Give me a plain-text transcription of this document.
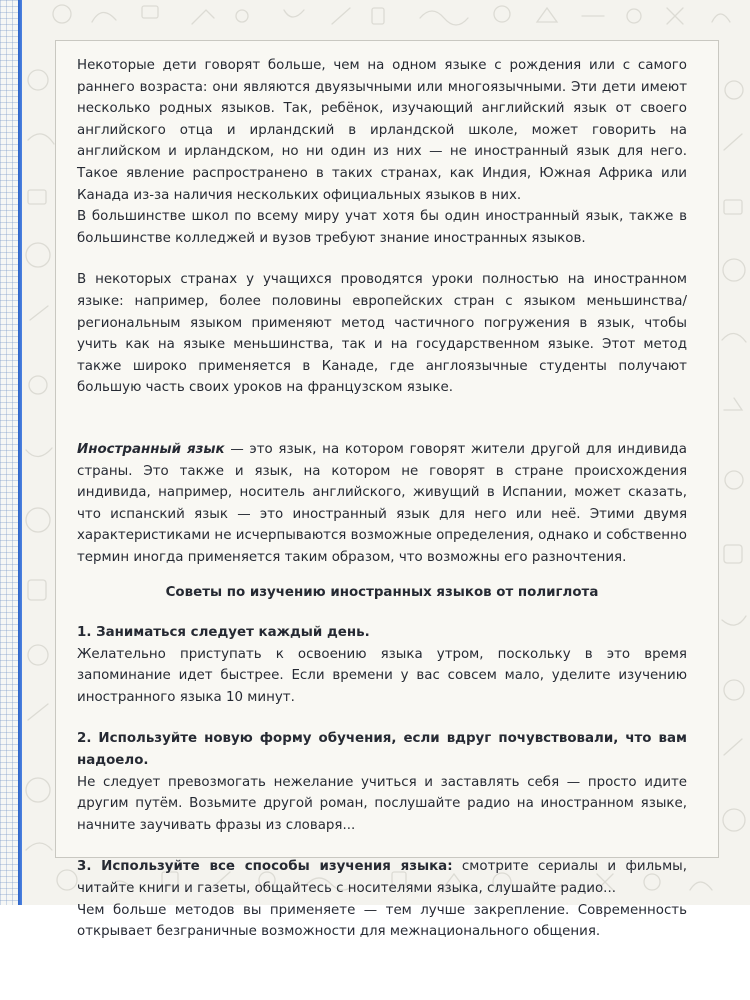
Некоторые дети говорят больше, чем на одном языке с рождения или с самого раннего возраста: они являются двуязычными или многоязычными. Эти дети имеют несколько родных языков. Так, ребёнок, изучающий английский язык от своего английского отца и ирландский в ирландской школе, может говорить на английском и ирландском, но ни один из них — не иностранный язык для него. Такое явление распространено в таких странах, как Индия, Южная Африка или Канада из-за наличия нескольких официальных языков в них.

В большинстве школ по всему миру учат хотя бы один иностранный язык, также в большинстве колледжей и вузов требуют знание иностранных языков.

В некоторых странах у учащихся проводятся уроки полностью на иностранном языке: например, более половины европейских стран с языком меньшинства/региональным языком применяют метод частичного погружения в язык, чтобы учить как на языке меньшинства, так и на государственном языке. Этот метод также широко применяется в Канаде, где англоязычные студенты получают большую часть своих уроков на французском языке.

Иностранный язык — это язык, на котором говорят жители другой для индивида страны. Это также и язык, на котором не говорят в стране происхождения индивида, например, носитель английского, живущий в Испании, может сказать, что испанский язык — это иностранный язык для него или неё. Этими двумя характеристиками не исчерпываются возможные определения, однако и собственно термин иногда применяется таким образом, что возможны его разночтения.

Советы по изучению иностранных языков от полиглота

1. Заниматься следует каждый день.

Желательно приступать к освоению языка утром, поскольку в это время запоминание идет быстрее. Если времени у вас совсем мало, уделите изучению иностранного языка 10 минут.

2. Используйте новую форму обучения, если вдруг почувствовали, что вам надоело.

Не следует превозмогать нежелание учиться и заставлять себя — просто идите другим путём. Возьмите другой роман, послушайте радио на иностранном языке, начните заучивать фразы из словаря...

3. Используйте все способы изучения языка: смотрите сериалы и фильмы, читайте книги и газеты, общайтесь с носителями языка, слушайте радио...

Чем больше методов вы применяете — тем лучше закрепление. Современность открывает безграничные возможности для межнационального общения.
